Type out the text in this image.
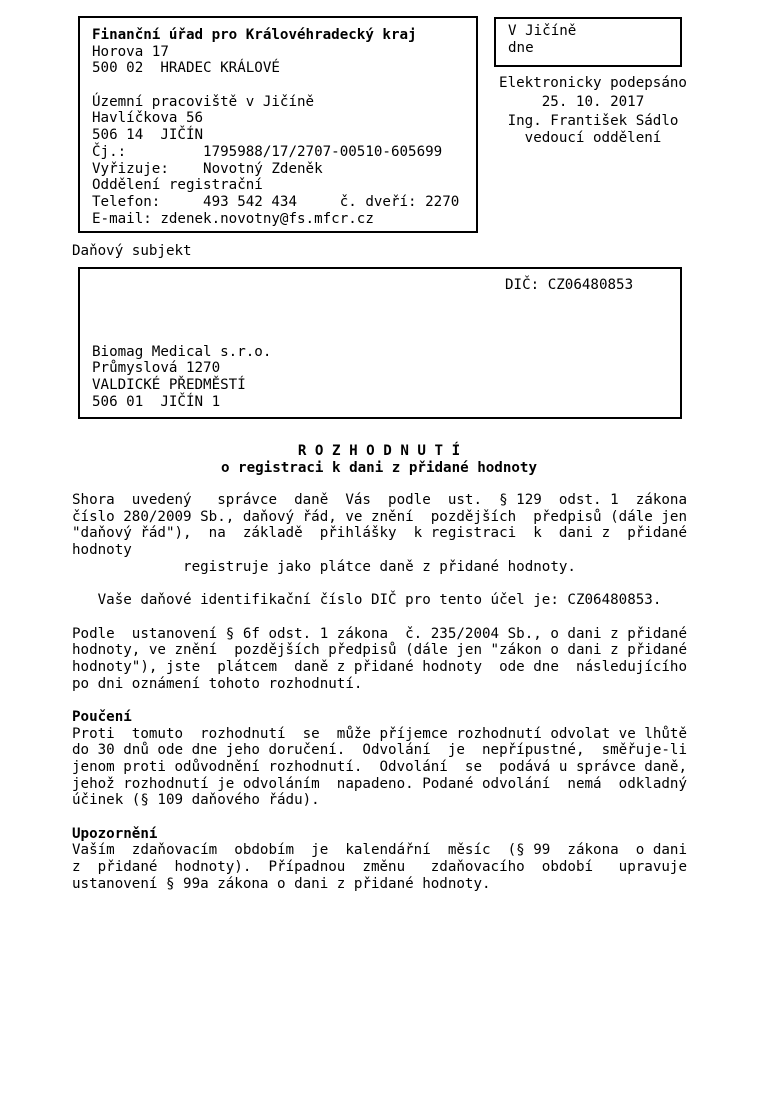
Finanční úřad pro Královéhradecký kraj
Horova 17
500 02  HRADEC KRÁLOVÉ

Územní pracoviště v Jičíně
Havlíčkova 56
506 14  JIČÍN
Čj.:         1795988/17/2707-00510-605699
Vyřizuje:    Novotný Zdeněk
Oddělení registrační
Telefon:     493 542 434     č. dveří: 2270
E-mail: zdenek.novotny@fs.mfcr.cz
V Jičíně
dne
Elektronicky podepsáno
25. 10. 2017
Ing. František Sádlo
vedoucí oddělení
Daňový subjekt
DIČ: CZ06480853
Biomag Medical s.r.o.
Průmyslová 1270
VALDICKÉ PŘEDMĚSTÍ
506 01  JIČÍN 1
R O Z H O D N U T Í
o registraci k dani z přidané hodnoty
Shora  uvedený   správce  daně  Vás  podle  ust.  § 129  odst. 1  zákona
číslo 280/2009 Sb., daňový řád, ve znění  pozdějších  předpisů (dále jen
"daňový řád"),  na  základě  přihlášky  k registraci  k  dani z  přidané
hodnoty
registruje jako plátce daně z přidané hodnoty.

Vaše daňové identifikační číslo DIČ pro tento účel je: CZ06480853.

Podle  ustanovení § 6f odst. 1 zákona  č. 235/2004 Sb., o dani z přidané
hodnoty, ve znění  pozdějších předpisů (dále jen "zákon o dani z přidané
hodnoty"), jste  plátcem  daně z přidané hodnoty  ode dne  následujícího
po dni oznámení tohoto rozhodnutí.

Poučení
Proti  tomuto  rozhodnutí  se  může příjemce rozhodnutí odvolat ve lhůtě
do 30 dnů ode dne jeho doručení.  Odvolání  je  nepřípustné,  směřuje-li
jenom proti odůvodnění rozhodnutí.  Odvolání  se  podává u správce daně,
jehož rozhodnutí je odvoláním  napadeno. Podané odvolání  nemá  odkladný
účinek (§ 109 daňového řádu).

Upozornění
Vaším  zdaňovacím  obdobím  je  kalendářní  měsíc  (§ 99  zákona  o dani
z  přidané  hodnoty).  Případnou  změnu   zdaňovacího  období   upravuje
ustanovení § 99a zákona o dani z přidané hodnoty.
